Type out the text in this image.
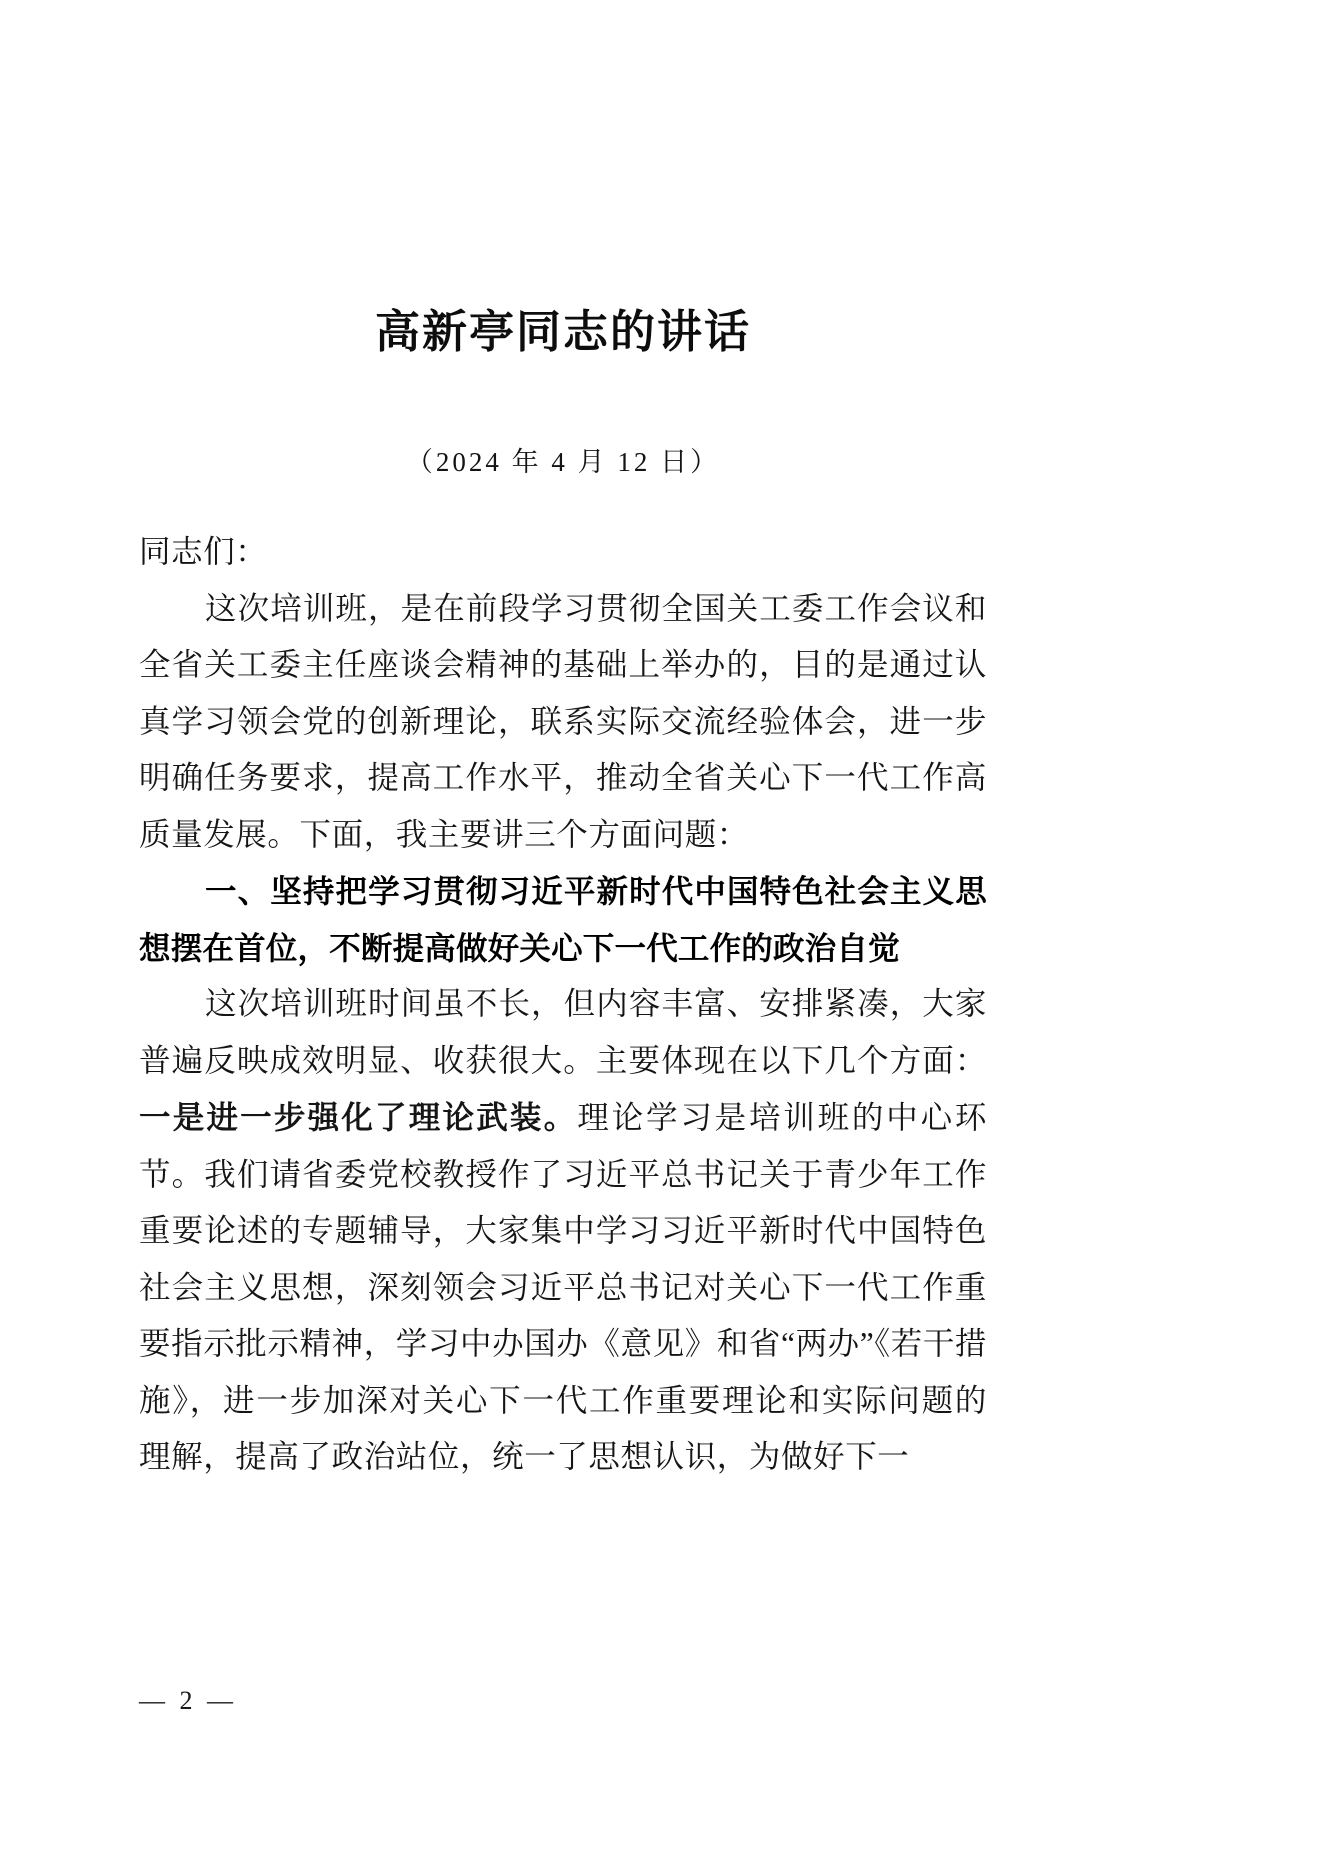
高新亭同志的讲话
（2024 年 4 月 12 日）

同志们：

这次培训班，是在前段学习贯彻全国关工委工作会议和全省关工委主任座谈会精神的基础上举办的，目的是通过认真学习领会党的创新理论，联系实际交流经验体会，进一步明确任务要求，提高工作水平，推动全省关心下一代工作高质量发展。下面，我主要讲三个方面问题：

一、坚持把学习贯彻习近平新时代中国特色社会主义思想摆在首位，不断提高做好关心下一代工作的政治自觉

这次培训班时间虽不长，但内容丰富、安排紧凑，大家普遍反映成效明显、收获很大。主要体现在以下几个方面：一是进一步强化了理论武装。理论学习是培训班的中心环节。我们请省委党校教授作了习近平总书记关于青少年工作重要论述的专题辅导，大家集中学习习近平新时代中国特色社会主义思想，深刻领会习近平总书记对关心下一代工作重要指示批示精神，学习中办国办《意见》和省“两办”《若干措施》，进一步加深对关心下一代工作重要理论和实际问题的理解，提高了政治站位，统一了思想认识，为做好下一

— 2 —
